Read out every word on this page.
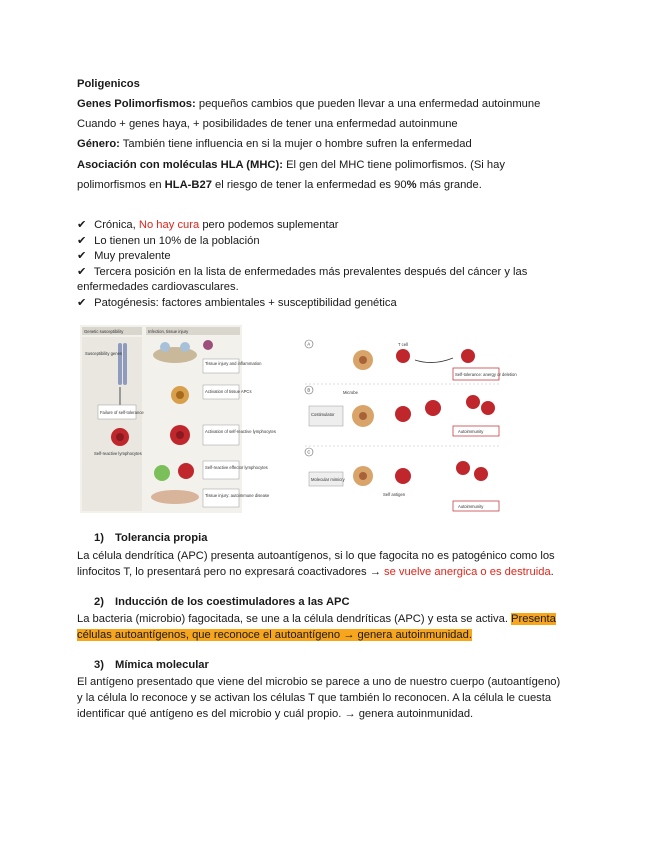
Poligenicos
Genes Polimorfismos: pequeños cambios que pueden llevar a una enfermedad autoinmune
Cuando + genes haya, + posibilidades de tener una enfermedad autoinmune
Género: También tiene influencia en si la mujer o hombre sufren la enfermedad
Asociación con moléculas HLA (MHC): El gen del MHC tiene polimorfismos. (Si hay
polimorfismos en HLA-B27 el riesgo de tener la enfermedad es 90% más grande.
✔ Crónica, No hay cura pero podemos suplementar
✔ Lo tienen un 10% de la población
✔ Muy prevalente
✔ Tercera posición en la lista de enfermedades más prevalentes después del cáncer y las
enfermedades cardiovasculares.
✔ Patogénesis: factores ambientales + susceptibilidad genética
Genetic susceptibility	Infection, tissue injury
Susceptibility genes
Failure of self-tolerance
Self-reactive lymphocytes
Tissue injury and inflammation
Activation of tissue APCs
Activation of self-reactive lymphocytes
Self-reactive effector lymphocytes
Tissue injury: autoimmune disease
A	T cell
Self-tolerance: anergy or deletion
B
Costimulator
Microbe
Autoimmunity
C
Molecular mimicry
Self antigen
Autoimmunity
1) Tolerancia propia
La célula dendrítica (APC) presenta autoantígenos, si lo que fagocita no es patogénico como los
linfocitos T, lo presentará pero no expresará coactivadores → se vuelve anergica o es destruida.
2) Inducción de los coestimuladores a las APC
La bacteria (microbio) fagocitada, se une a la célula dendríticas (APC) y esta se activa. Presenta
células autoantígenos, que reconoce el autoantígeno → genera autoinmunidad.
3) Mímica molecular
El antígeno presentado que viene del microbio se parece a uno de nuestro cuerpo (autoantígeno)
y la célula lo reconoce y se activan los células T que también lo reconocen. A la célula le cuesta
identificar qué antígeno es del microbio y cuál propio. → genera autoinmunidad.
